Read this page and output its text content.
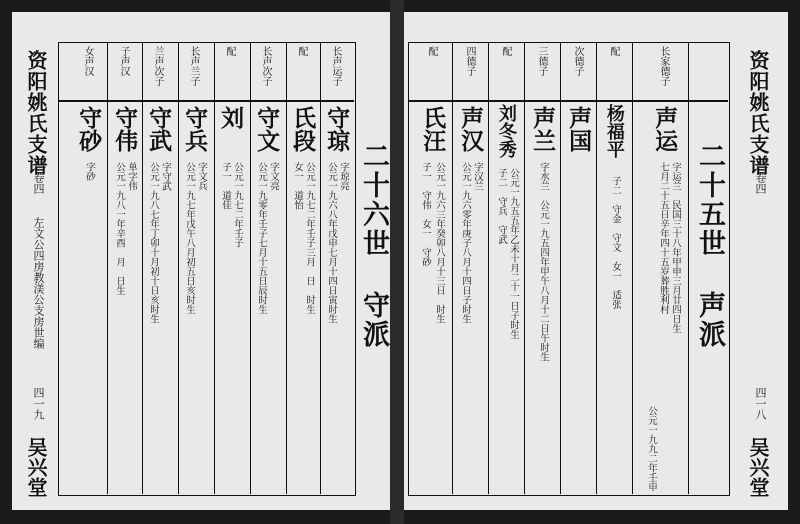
资阳姚氏支谱
卷四
左文公四房教渼公支房世编
四一九
吴兴堂
二十六世 守派
长声运子
守琼
字琼亮
公元一九六八年戊申七月十四日寅时生
配
氏段
公元一九七二年壬子三月　日　时生
女一　道怡
长声次子
守文
字文亮
公元一九零年壬子七月十五日辰时生
配
刘
公元一九七二年壬子
子一　道佳
长声兰子
守兵
字文兵
公元一九七年戊午八月初五日亥时生
兰声次子
守武
字守武
公元一九八七年丁卯十月初十日亥时生
子声汉
守伟
单字伟
公元一九八一年辛酉　月　日生
女声汉
守砂
字砂	资阳姚氏支谱
卷四
四一八
吴兴堂
二十五世 声派
长家德子
声运
字运兰　民国三十八年甲申三月廿四日生
七月二十五日辛年四十五岁葬胜利村
公元一九九二年壬申
配
杨福平
子二　守金　守文　女一　适张
次德子
声国
三德子
声兰
字水兰　公元一九五四年甲午八月十二日午时生
配
刘冬秀
公元一九五五年乙未十月二十一日子时生
子二　守兵　守武
四德子
声汉
字汉兰
公元一九六零年庚子八月十四日子时生
配
氏汪
公元一九六三年癸卯八月十三日　时生
子一　守伟　女一　守砂
